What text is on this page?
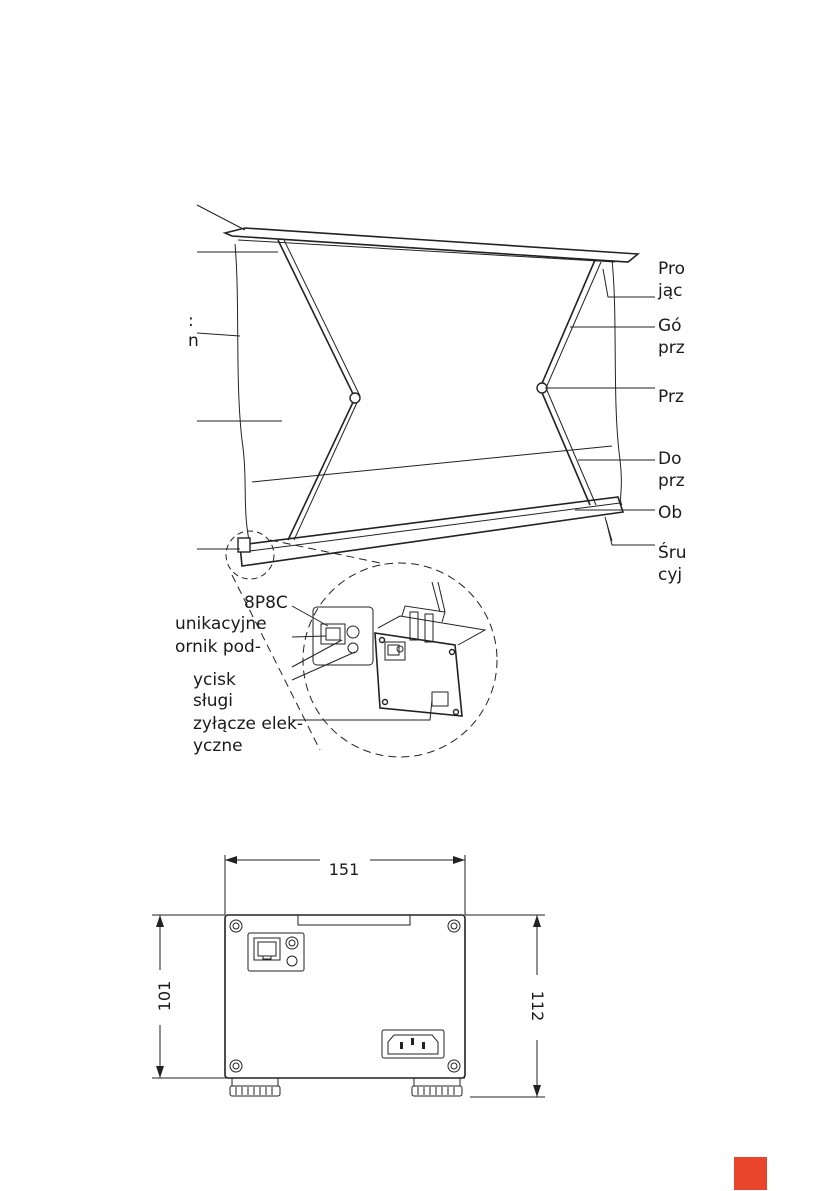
:
n
8P8C
unikacyjne
ornik pod-
ycisk
sługi
zyłącze elek-
yczne
Pro
jąc
Gó
prz
Prz
Do
prz
Ob
Śru
cyj
151
101	112
